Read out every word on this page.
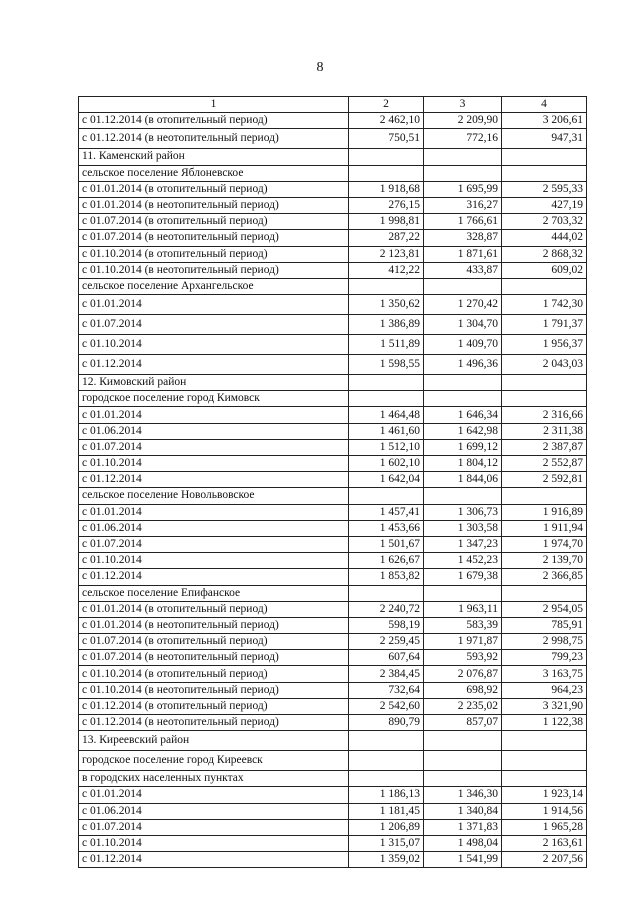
8
1	2	3	4
с 01.12.2014 (в отопительный период)	2 462,10	2 209,90	3 206,61
с 01.12.2014 (в неотопительный период)	750,51	772,16	947,31
11. Каменский район			
сельское поселение Яблоневское			
с 01.01.2014 (в отопительный период)	1 918,68	1 695,99	2 595,33
с 01.01.2014 (в неотопительный период)	276,15	316,27	427,19
с 01.07.2014 (в отопительный период)	1 998,81	1 766,61	2 703,32
с 01.07.2014 (в неотопительный период)	287,22	328,87	444,02
с 01.10.2014 (в отопительный период)	2 123,81	1 871,61	2 868,32
с 01.10.2014 (в неотопительный период)	412,22	433,87	609,02
сельское поселение Архангельское			
с 01.01.2014	1 350,62	1 270,42	1 742,30
с 01.07.2014	1 386,89	1 304,70	1 791,37
с 01.10.2014	1 511,89	1 409,70	1 956,37
с 01.12.2014	1 598,55	1 496,36	2 043,03
12. Кимовский район			
городское поселение город Кимовск			
с 01.01.2014	1 464,48	1 646,34	2 316,66
с 01.06.2014	1 461,60	1 642,98	2 311,38
с 01.07.2014	1 512,10	1 699,12	2 387,87
с 01.10.2014	1 602,10	1 804,12	2 552,87
с 01.12.2014	1 642,04	1 844,06	2 592,81
сельское поселение Новольвовское			
с 01.01.2014	1 457,41	1 306,73	1 916,89
с 01.06.2014	1 453,66	1 303,58	1 911,94
с 01.07.2014	1 501,67	1 347,23	1 974,70
с 01.10.2014	1 626,67	1 452,23	2 139,70
с 01.12.2014	1 853,82	1 679,38	2 366,85
сельское поселение Епифанское			
с 01.01.2014 (в отопительный период)	2 240,72	1 963,11	2 954,05
с 01.01.2014 (в неотопительный период)	598,19	583,39	785,91
с 01.07.2014 (в отопительный период)	2 259,45	1 971,87	2 998,75
с 01.07.2014 (в неотопительный период)	607,64	593,92	799,23
с 01.10.2014 (в отопительный период)	2 384,45	2 076,87	3 163,75
с 01.10.2014 (в неотопительный период)	732,64	698,92	964,23
с 01.12.2014 (в отопительный период)	2 542,60	2 235,02	3 321,90
с 01.12.2014 (в неотопительный период)	890,79	857,07	1 122,38
13. Киреевский район			
городское поселение город Киреевск			
в городских населенных пунктах			
с 01.01.2014	1 186,13	1 346,30	1 923,14
с 01.06.2014	1 181,45	1 340,84	1 914,56
с 01.07.2014	1 206,89	1 371,83	1 965,28
с 01.10.2014	1 315,07	1 498,04	2 163,61
с 01.12.2014	1 359,02	1 541,99	2 207,56
